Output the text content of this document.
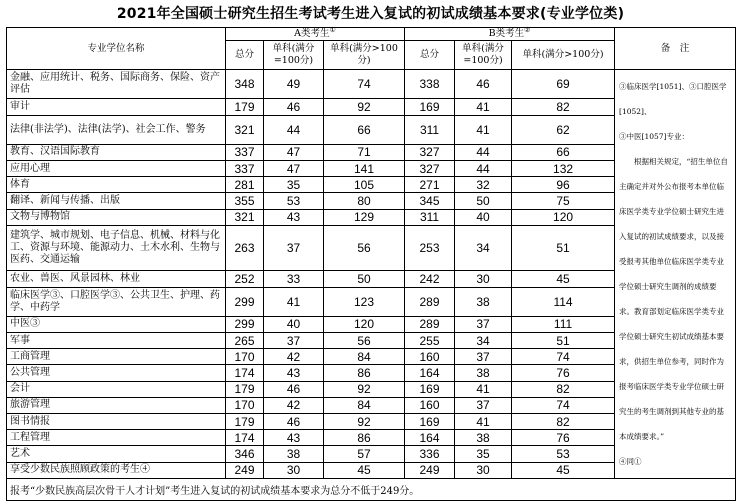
2021年全国硕士研究生招生考试考生进入复试的初试成绩基本要求(专业学位类)
专业学位名称	A类考生①			B类考生②			备　注
	总分	单科(满分=100分)	单科(满分>100分)	总分	单科(满分=100分)	单科(满分>100分)	
金融、应用统计、税务、国际商务、保险、资产评估	348	49	74	338	46	69	③临床医学[1051]、③口腔医学[1052]、

③中医[1057]专业：

根据相关规定，“招生单位自主确定并对外公布报考本单位临床医学类专业学位硕士研究生进入复试的初试成绩要求，以及接受报考其他单位临床医学类专业学位硕士研究生调剂的成绩要求。教育部划定临床医学类专业学位硕士研究生初试成绩基本要求，供招生单位参考，同时作为报考临床医学类专业学位硕士研究生的考生调剂到其他专业的基本成绩要求。”

④同①

审计	179	46	92	169	41	82	
法律(非法学)、法律(法学)、社会工作、警务	321	44	66	311	41	62	
教育、汉语国际教育	337	47	71	327	44	66	
应用心理	337	47	141	327	44	132	
体育	281	35	105	271	32	96	
翻译、新闻与传播、出版	355	53	80	345	50	75	
文物与博物馆	321	43	129	311	40	120	
建筑学、城市规划、电子信息、机械、材料与化工、资源与环境、能源动力、土木水利、生物与医药、交通运输	263	37	56	253	34	51	
农业、兽医、风景园林、林业	252	33	50	242	30	45	
临床医学③、口腔医学③、公共卫生、护理、药学、中药学	299	41	123	289	38	114	
中医③	299	40	120	289	37	111	
军事	265	37	56	255	34	51	
工商管理	170	42	84	160	37	74	
公共管理	174	43	86	164	38	76	
会计	179	46	92	169	41	82	
旅游管理	170	42	84	160	37	74	
图书情报	179	46	92	169	41	82	
工程管理	174	43	86	164	38	76	
艺术	346	38	57	336	35	53	
享受少数民族照顾政策的考生④	249	30	45	249	30	45	
报考“少数民族高层次骨干人才计划”考生进入复试的初试成绩基本要求为总分不低于249分。							
